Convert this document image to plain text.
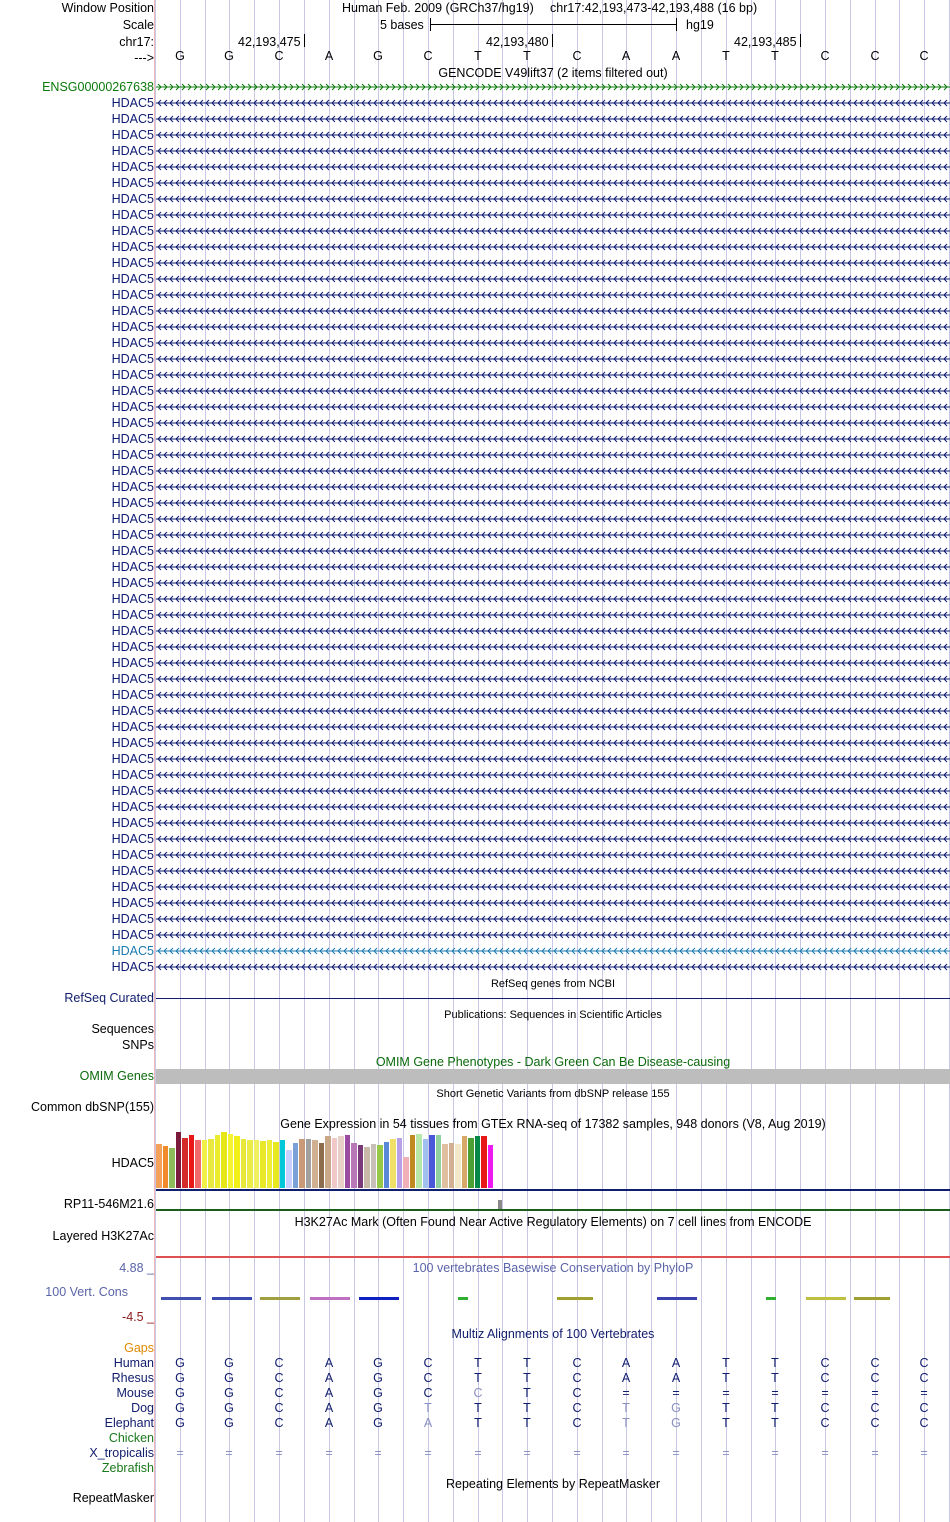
Window Position	Human Feb. 2009 (GRCh37/hg19) chr17:42,193,473-42,193,488 (16 bp)
Scale	5 bases	hg19
chr17:	42,193,475	42,193,480	42,193,485
--->	G	G	C	A	G	C	T	T	C	A	A	T	T	C	C	C
GENCODE V49lift37 (2 items filtered out)
ENSG00000267638
HDAC5
HDAC5
HDAC5
HDAC5
HDAC5
HDAC5
HDAC5
HDAC5
HDAC5
HDAC5
HDAC5
HDAC5
HDAC5
HDAC5
HDAC5
HDAC5
HDAC5
HDAC5
HDAC5
HDAC5
HDAC5
HDAC5
HDAC5
HDAC5
HDAC5
HDAC5
HDAC5
HDAC5
HDAC5
HDAC5
HDAC5
HDAC5
HDAC5
HDAC5
HDAC5
HDAC5
HDAC5
HDAC5
HDAC5
HDAC5
HDAC5
HDAC5
HDAC5
HDAC5
HDAC5
HDAC5
HDAC5
HDAC5
HDAC5
HDAC5
HDAC5
HDAC5
HDAC5
HDAC5
HDAC5
RefSeq genes from NCBI
RefSeq Curated
Publications: Sequences in Scientific Articles
Sequences
SNPs
OMIM Gene Phenotypes - Dark Green Can Be Disease-causing
OMIM Genes
Short Genetic Variants from dbSNP release 155
Common dbSNP(155)
Gene Expression in 54 tissues from GTEx RNA-seq of 17382 samples, 948 donors (V8, Aug 2019)
HDAC5
RP11-546M21.6
H3K27Ac Mark (Often Found Near Active Regulatory Elements) on 7 cell lines from ENCODE
Layered H3K27Ac
100 vertebrates Basewise Conservation by PhyloP
4.88 _
100 Vert. Cons
-4.5 _
Multiz Alignments of 100 Vertebrates
Gaps
Human	G	G	C	A	G	C	T	T	C	A	A	T	T	C	C	C
Rhesus	G	G	C	A	G	C	T	T	C	A	A	T	T	C	C	C
Mouse	G	G	C	A	G	C	C	T	C	=	=	=	=	=	=	=
Dog	G	G	C	A	G	T	T	T	C	T	G	T	T	C	C	C
Elephant	G	G	C	A	G	A	T	T	C	T	G	T	T	C	C	C
Chicken
X_tropicalis	=	=	=	=	=	=	=	=	=	=	=	=	=	=	=	=
Zebrafish
Repeating Elements by RepeatMasker
RepeatMasker
